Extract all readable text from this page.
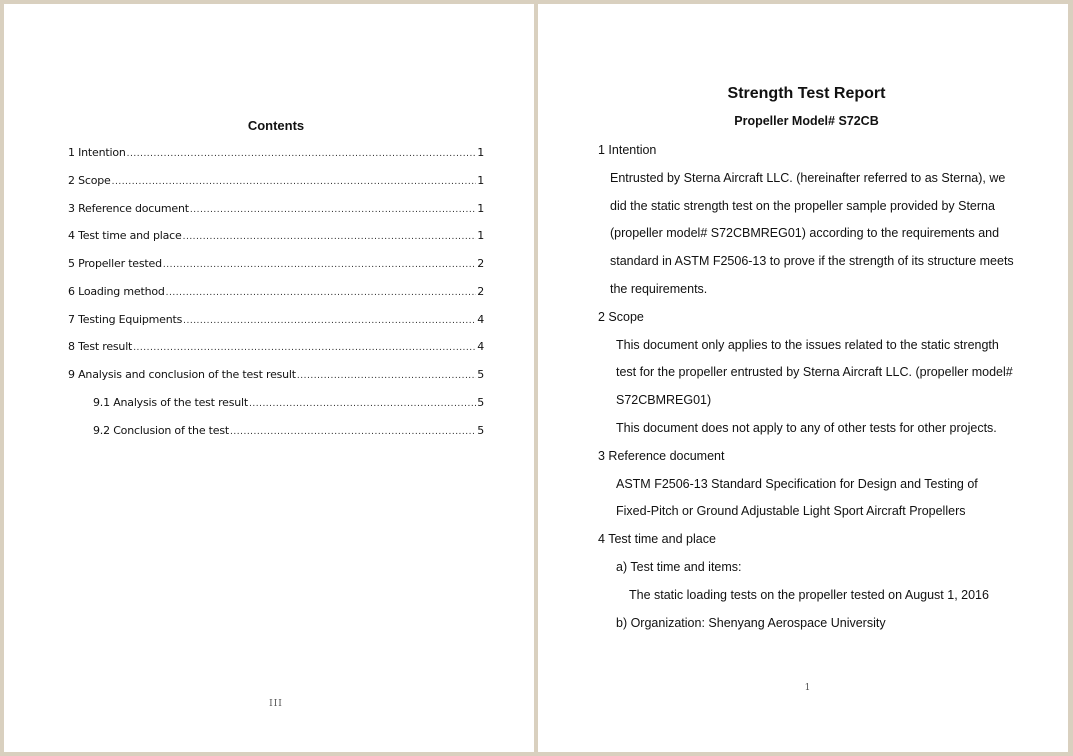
Contents
1 Intention .....	1
2 Scope .....	1
3 Reference document .....	1
4 Test time and place .....	1
5 Propeller tested .....	2
6 Loading method .....	2
7 Testing Equipments .....	4
8 Test result .....	4
9 Analysis and conclusion of the test result .....	5
9.1 Analysis of the test result .....	5
9.2 Conclusion of the test .....	5
III
Strength Test Report
Propeller Model# S72CB
1 Intention
Entrusted by Sterna Aircraft LLC. (hereinafter referred to as Sterna), we
did the static strength test on the propeller sample provided by Sterna
(propeller model# S72CBMREG01) according to the requirements and
standard in ASTM F2506-13 to prove if the strength of its structure meets
the requirements.
2 Scope
This document only applies to the issues related to the static strength
test for the propeller entrusted by Sterna Aircraft LLC. (propeller model#
S72CBMREG01)
This document does not apply to any of other tests for other projects.
3 Reference document
ASTM F2506-13 Standard Specification for Design and Testing of
Fixed-Pitch or Ground Adjustable Light Sport Aircraft Propellers
4 Test time and place
a) Test time and items:
The static loading tests on the propeller tested on August 1, 2016
b) Organization: Shenyang Aerospace University
1
